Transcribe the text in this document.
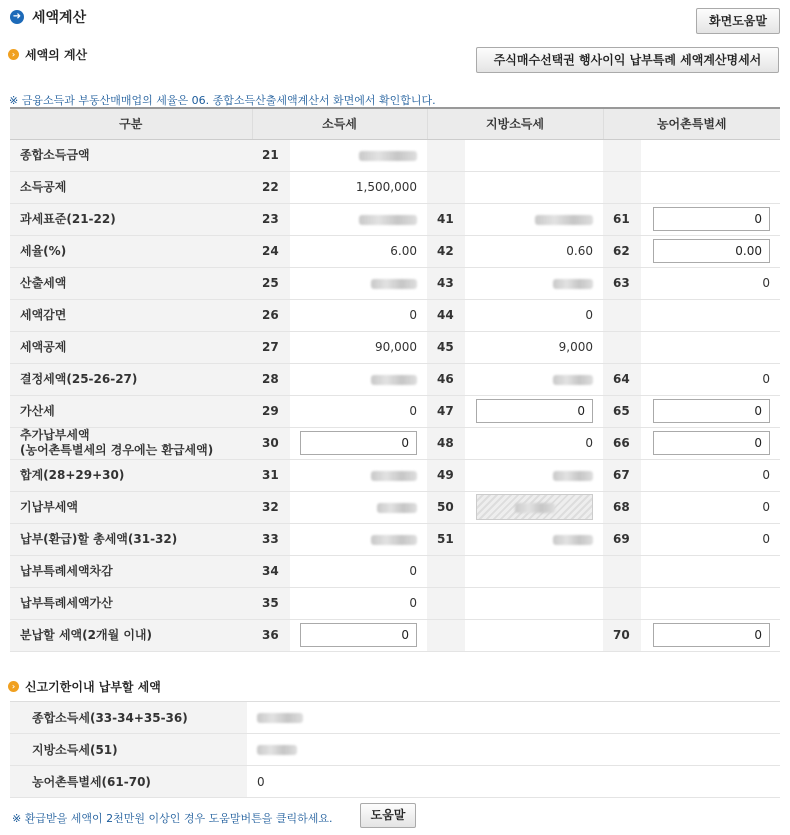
➜ 세액계산	화면도움말
› 세액의 계산	주식매수선택권 행사이익 납부특례 세액계산명세서
※ 금융소득과 부동산매매업의 세율은 06. 종합소득산출세액계산서 화면에서 확인합니다.
구분	소득세		지방소득세		농어촌특별세	
종합소득금액	21					
소득공제	22	1,500,000				
과세표준(21-22)	23		41		61	0
세율(%)	24	6.00	42	0.60	62	0.00
산출세액	25		43		63	0
세액감면	26	0	44	0		
세액공제	27	90,000	45	9,000		
결정세액(25-26-27)	28		46		64	0
가산세	29	0	47	0	65	0
추가납부세액
(농어촌특별세의 경우에는 환급세액)	30	0	48	0	66	0
합계(28+29+30)	31		49		67	0
기납부세액	32		50		68	0
납부(환급)할 총세액(31-32)	33		51		69	0
납부특례세액차감	34	0				
납부특례세액가산	35	0				
분납할 세액(2개월 이내)	36	0			70	0
› 신고기한이내 납부할 세액
종합소득세(33-34+35-36)	
지방소득세(51)	
농어촌특별세(61-70)	0
※ 환급받을 세액이 2천만원 이상인 경우 도움말버튼을 클릭하세요.	도움말
